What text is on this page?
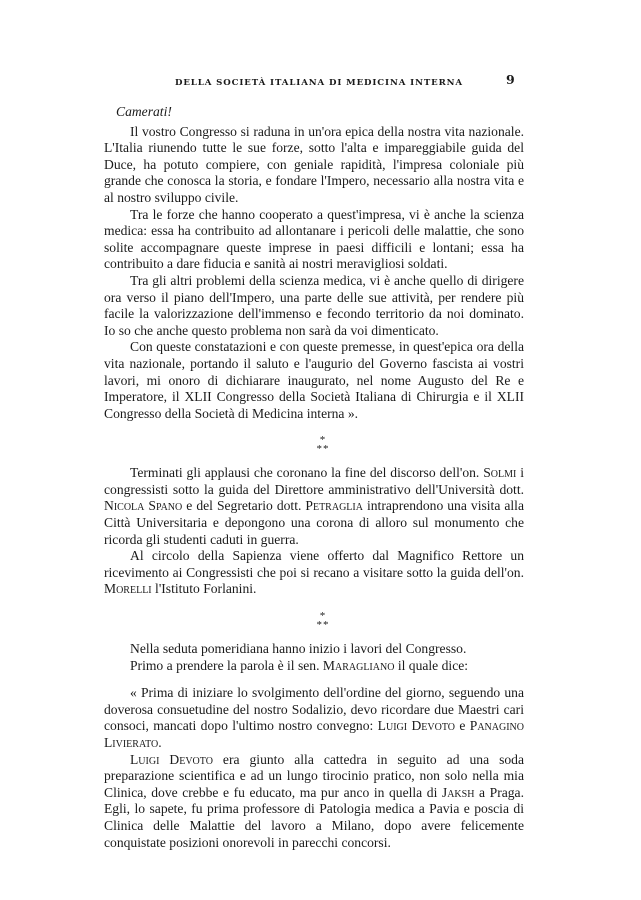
DELLA SOCIETÀ ITALIANA DI MEDICINA INTERNA	9

Camerati!

Il vostro Congresso si raduna in un'ora epica della nostra vita nazionale. L'Italia riunendo tutte le sue forze, sotto l'alta e impareggiabile guida del Duce, ha potuto compiere, con geniale rapidità, l'impresa coloniale più grande che conosca la storia, e fondare l'Impero, necessario alla nostra vita e al nostro sviluppo civile.

Tra le forze che hanno cooperato a quest'impresa, vi è anche la scienza medica: essa ha contribuito ad allontanare i pericoli delle malattie, che sono solite accompagnare queste imprese in paesi difficili e lontani; essa ha contribuito a dare fiducia e sanità ai nostri meravigliosi soldati.

Tra gli altri problemi della scienza medica, vi è anche quello di dirigere ora verso il piano dell'Impero, una parte delle sue attività, per rendere più facile la valorizzazione dell'immenso e fecondo territorio da noi dominato. Io so che anche questo problema non sarà da voi dimenticato.

Con queste constatazioni e con queste premesse, in quest'epica ora della vita nazionale, portando il saluto e l'augurio del Governo fascista ai vostri lavori, mi onoro di dichiarare inaugurato, nel nome Augusto del Re e Imperatore, il XLII Congresso della Società Italiana di Chirurgia e il XLII Congresso della Società di Medicina interna ».

*
**

Terminati gli applausi che coronano la fine del discorso dell'on. Solmi i congressisti sotto la guida del Direttore amministrativo dell'Università dott. Nicola Spano e del Segretario dott. Petraglia intraprendono una visita alla Città Universitaria e depongono una corona di alloro sul monumento che ricorda gli studenti caduti in guerra.

Al circolo della Sapienza viene offerto dal Magnifico Rettore un ricevimento ai Congressisti che poi si recano a visitare sotto la guida dell'on. Morelli l'Istituto Forlanini.

*
**

Nella seduta pomeridiana hanno inizio i lavori del Congresso.

Primo a prendere la parola è il sen. Maragliano il quale dice:

« Prima di iniziare lo svolgimento dell'ordine del giorno, seguendo una doverosa consuetudine del nostro Sodalizio, devo ricordare due Maestri cari consoci, mancati dopo l'ultimo nostro convegno: Luigi Devoto e Panagino Livierato.

Luigi Devoto era giunto alla cattedra in seguito ad una soda preparazione scientifica e ad un lungo tirocinio pratico, non solo nella mia Clinica, dove crebbe e fu educato, ma pur anco in quella di Jaksh a Praga. Egli, lo sapete, fu prima professore di Patologia medica a Pavia e poscia di Clinica delle Malattie del lavoro a Milano, dopo avere felicemente conquistate posizioni onorevoli in parecchi concorsi.
